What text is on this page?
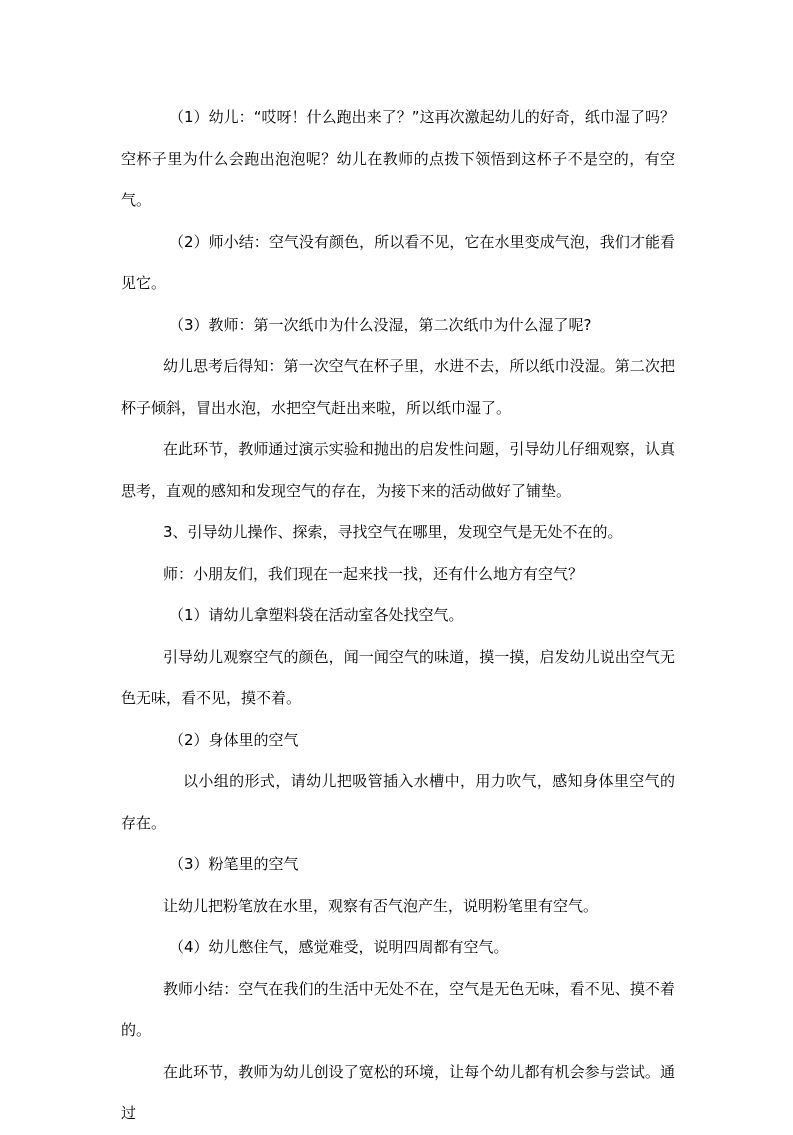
（1）幼儿：“哎呀！什么跑出来了？”这再次激起幼儿的好奇，纸巾湿了吗？空杯子里为什么会跑出泡泡呢？幼儿在教师的点拨下领悟到这杯子不是空的，有空气。

（2）师小结：空气没有颜色，所以看不见，它在水里变成气泡，我们才能看见它。

（3）教师：第一次纸巾为什么没湿，第二次纸巾为什么湿了呢?

幼儿思考后得知：第一次空气在杯子里，水进不去，所以纸巾没湿。第二次把杯子倾斜，冒出水泡，水把空气赶出来啦，所以纸巾湿了。

在此环节，教师通过演示实验和抛出的启发性问题，引导幼儿仔细观察，认真思考，直观的感知和发现空气的存在，为接下来的活动做好了铺垫。

3、引导幼儿操作、探索，寻找空气在哪里，发现空气是无处不在的。

师：小朋友们，我们现在一起来找一找，还有什么地方有空气？

（1）请幼儿拿塑料袋在活动室各处找空气。

引导幼儿观察空气的颜色，闻一闻空气的味道，摸一摸，启发幼儿说出空气无色无味，看不见，摸不着。

（2）身体里的空气

以小组的形式，请幼儿把吸管插入水槽中，用力吹气，感知身体里空气的存在。

（3）粉笔里的空气

让幼儿把粉笔放在水里，观察有否气泡产生，说明粉笔里有空气。

（4）幼儿憋住气，感觉难受，说明四周都有空气。

教师小结：空气在我们的生活中无处不在，空气是无色无味，看不见、摸不着的。

在此环节，教师为幼儿创设了宽松的环境，让每个幼儿都有机会参与尝试。通过
